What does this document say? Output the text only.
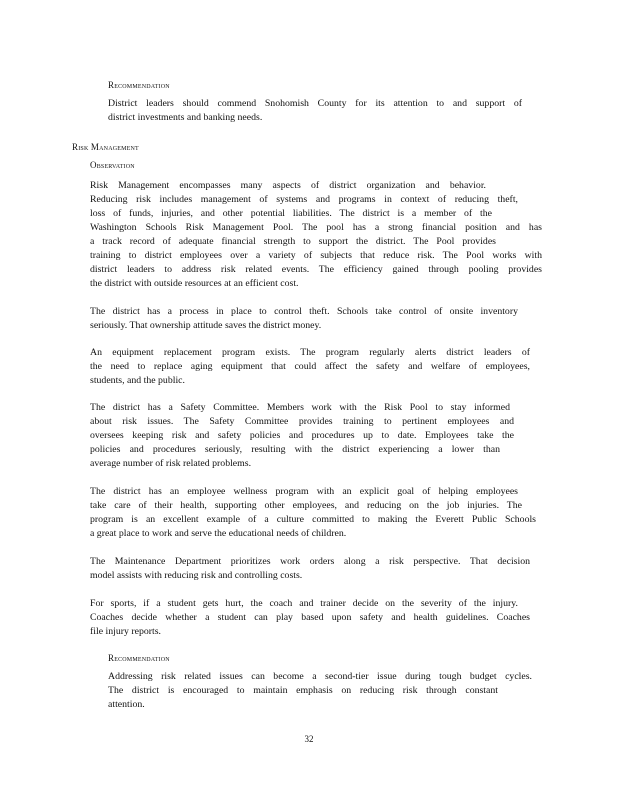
Recommendation
District leaders should commend Snohomish County for its attention to and support of
district investments and banking needs.
Risk Management
Observation
Risk Management encompasses many aspects of district organization and behavior.
Reducing risk includes management of systems and programs in context of reducing theft,
loss of funds, injuries, and other potential liabilities. The district is a member of the
Washington Schools Risk Management Pool. The pool has a strong financial position and has
a track record of adequate financial strength to support the district. The Pool provides
training to district employees over a variety of subjects that reduce risk. The Pool works with
district leaders to address risk related events. The efficiency gained through pooling provides
the district with outside resources at an efficient cost.
The district has a process in place to control theft. Schools take control of onsite inventory
seriously. That ownership attitude saves the district money.
An equipment replacement program exists. The program regularly alerts district leaders of
the need to replace aging equipment that could affect the safety and welfare of employees,
students, and the public.
The district has a Safety Committee. Members work with the Risk Pool to stay informed
about risk issues. The Safety Committee provides training to pertinent employees and
oversees keeping risk and safety policies and procedures up to date. Employees take the
policies and procedures seriously, resulting with the district experiencing a lower than
average number of risk related problems.
The district has an employee wellness program with an explicit goal of helping employees
take care of their health, supporting other employees, and reducing on the job injuries. The
program is an excellent example of a culture committed to making the Everett Public Schools
a great place to work and serve the educational needs of children.
The Maintenance Department prioritizes work orders along a risk perspective. That decision
model assists with reducing risk and controlling costs.
For sports, if a student gets hurt, the coach and trainer decide on the severity of the injury.
Coaches decide whether a student can play based upon safety and health guidelines. Coaches
file injury reports.
Recommendation
Addressing risk related issues can become a second-tier issue during tough budget cycles.
The district is encouraged to maintain emphasis on reducing risk through constant
attention.
32
